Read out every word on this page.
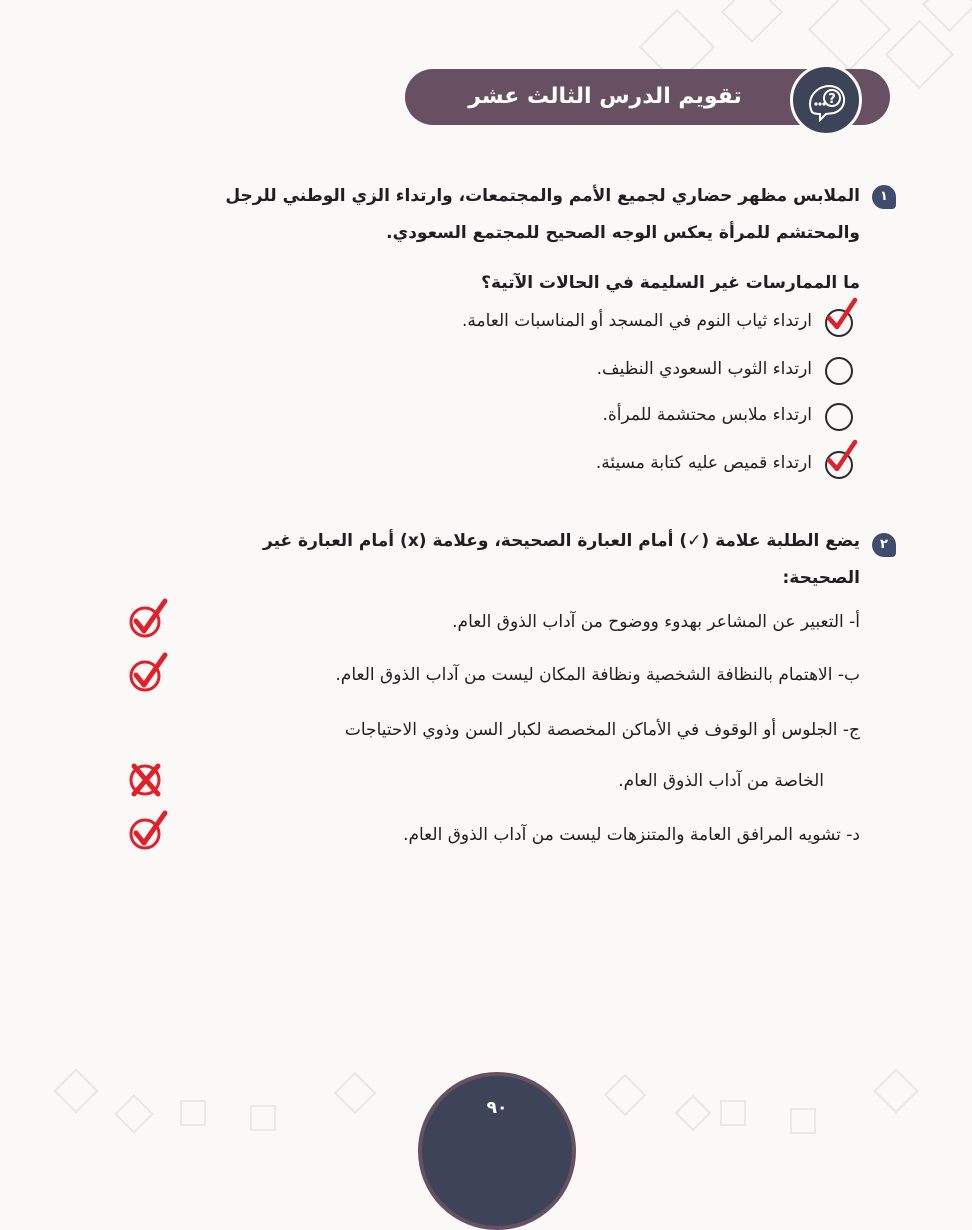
تقويم الدرس الثالث عشر	?
١
الملابس مظهر حضاري لجميع الأمم والمجتمعات، وارتداء الزي الوطني للرجل
والمحتشم للمرأة يعكس الوجه الصحيح للمجتمع السعودي.
ما الممارسات غير السليمة في الحالات الآتية؟
ارتداء ثياب النوم في المسجد أو المناسبات العامة.
ارتداء الثوب السعودي النظيف.
ارتداء ملابس محتشمة للمرأة.
ارتداء قميص عليه كتابة مسيئة.
٢
يضع الطلبة علامة (✓) أمام العبارة الصحيحة، وعلامة (x) أمام العبارة غير
الصحيحة:
أ- التعبير عن المشاعر بهدوء ووضوح من آداب الذوق العام.
ب- الاهتمام بالنظافة الشخصية ونظافة المكان ليست من آداب الذوق العام.
ج- الجلوس أو الوقوف في الأماكن المخصصة لكبار السن وذوي الاحتياجات
الخاصة من آداب الذوق العام.
د- تشويه المرافق العامة والمتنزهات ليست من آداب الذوق العام.
٩٠
